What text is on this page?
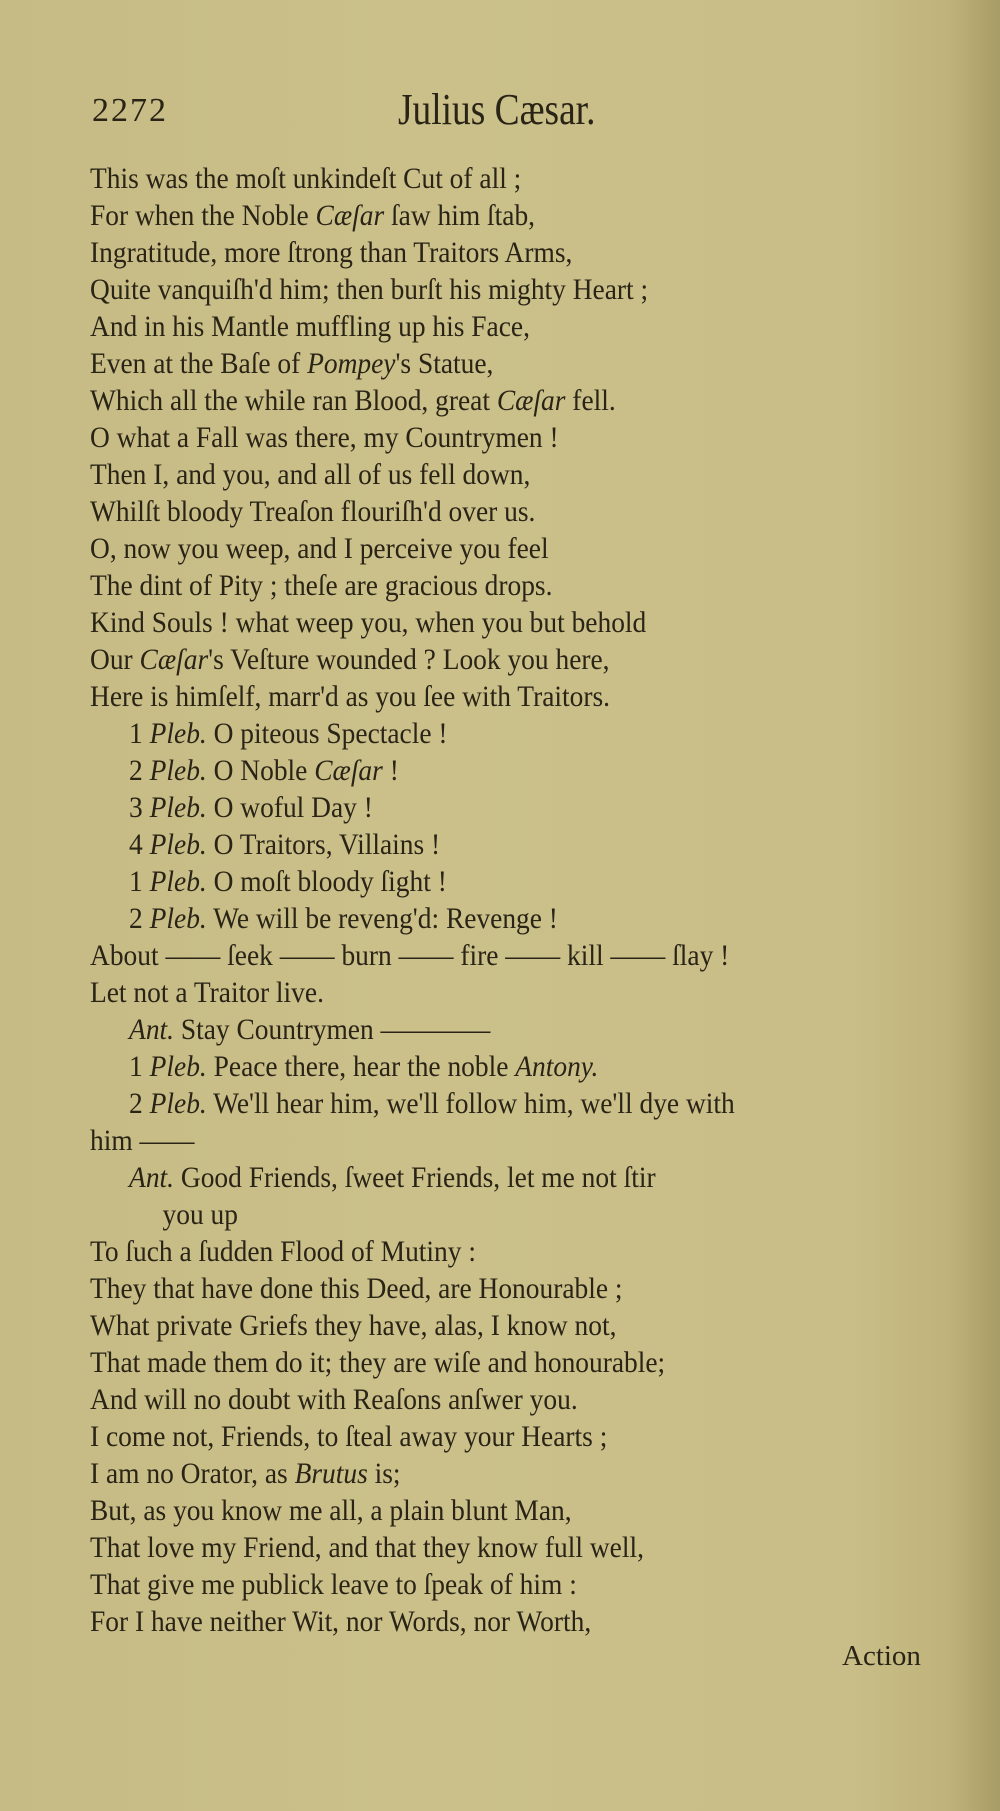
2272	Julius Cæsar.
This was the moſt unkindeſt Cut of all ;
For when the Noble Cæſar ſaw him ſtab,
Ingratitude, more ſtrong than Traitors Arms,
Quite vanquiſh'd him; then burſt his mighty Heart ;
And in his Mantle muffling up his Face,
Even at the Baſe of Pompey's Statue,
Which all the while ran Blood, great Cæſar fell.
O what a Fall was there, my Countrymen !
Then I, and you, and all of us fell down,
Whilſt bloody Treaſon flouriſh'd over us.
O, now you weep, and I perceive you feel
The dint of Pity ; theſe are gracious drops.
Kind Souls ! what weep you, when you but behold
Our Cæſar's Veſture wounded ? Look you here,
Here is himſelf, marr'd as you ſee with Traitors.
1 Pleb. O piteous Spectacle !
2 Pleb. O Noble Cæſar !
3 Pleb. O woful Day !
4 Pleb. O Traitors, Villains !
1 Pleb. O moſt bloody ſight !
2 Pleb. We will be reveng'd: Revenge !
About —— ſeek —— burn —— fire —— kill —— ſlay !
Let not a Traitor live.
Ant. Stay Countrymen ————
1 Pleb. Peace there, hear the noble Antony.
2 Pleb. We'll hear him, we'll follow him, we'll dye with
him ——
Ant. Good Friends, ſweet Friends, let me not ſtir
you up
To ſuch a ſudden Flood of Mutiny :
They that have done this Deed, are Honourable ;
What private Griefs they have, alas, I know not,
That made them do it; they are wiſe and honourable;
And will no doubt with Reaſons anſwer you.
I come not, Friends, to ſteal away your Hearts ;
I am no Orator, as Brutus is;
But, as you know me all, a plain blunt Man,
That love my Friend, and that they know full well,
That give me publick leave to ſpeak of him :
For I have neither Wit, nor Words, nor Worth,
Action
